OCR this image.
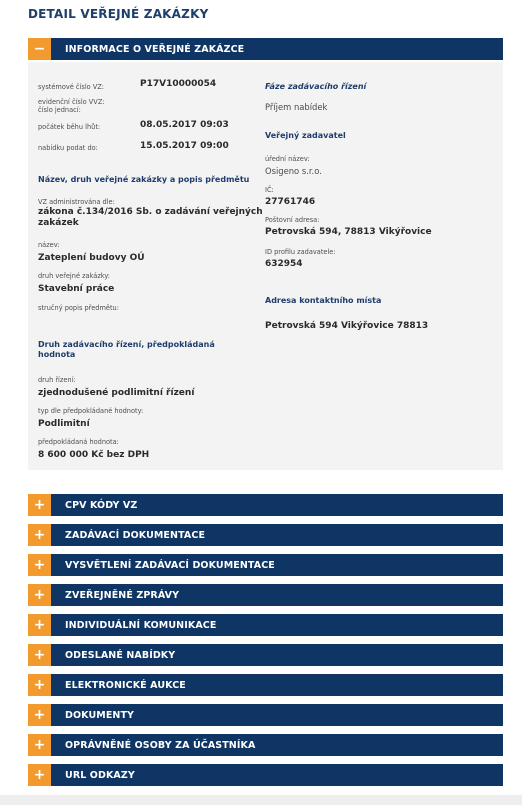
DETAIL VEŘEJNÉ ZAKÁZKY
−	INFORMACE O VEŘEJNÉ ZAKÁZCE
systémové číslo VZ:	P17V10000054
evidenční číslo VVZ:
číslo jednací:
počátek běhu lhůt:	08.05.2017 09:03
nabídku podat do:	15.05.2017 09:00
Název, druh veřejné zakázky a popis předmětu
VZ administrována dle:
zákona č.134/2016 Sb. o zadávání veřejných
zakázek
název:
Zateplení budovy OÚ
druh veřejné zakázky:
Stavební práce
stručný popis předmětu:
Druh zadávacího řízení, předpokládaná
hodnota
druh řízení:
zjednodušené podlimitní řízení
typ dle předpokládané hodnoty:
Podlimitní
předpokládaná hodnota:
8 600 000 Kč bez DPH
Fáze zadávacího řízení
Příjem nabídek
Veřejný zadavatel
úřední název:
Osigeno s.r.o.
IČ:
27761746
Poštovní adresa:
Petrovská 594, 78813 Vikýřovice
ID profilu zadavatele:
632954
Adresa kontaktního místa
Petrovská 594 Vikýřovice 78813
+	CPV KÓDY VZ
+	ZADÁVACÍ DOKUMENTACE
+	VYSVĚTLENÍ ZADÁVACÍ DOKUMENTACE
+	ZVEŘEJNĚNÉ ZPRÁVY
+	INDIVIDUÁLNÍ KOMUNIKACE
+	ODESLANÉ NABÍDKY
+	ELEKTRONICKÉ AUKCE
+	DOKUMENTY
+	OPRÁVNĚNÉ OSOBY ZA ÚČASTNÍKA
+	URL ODKAZY
